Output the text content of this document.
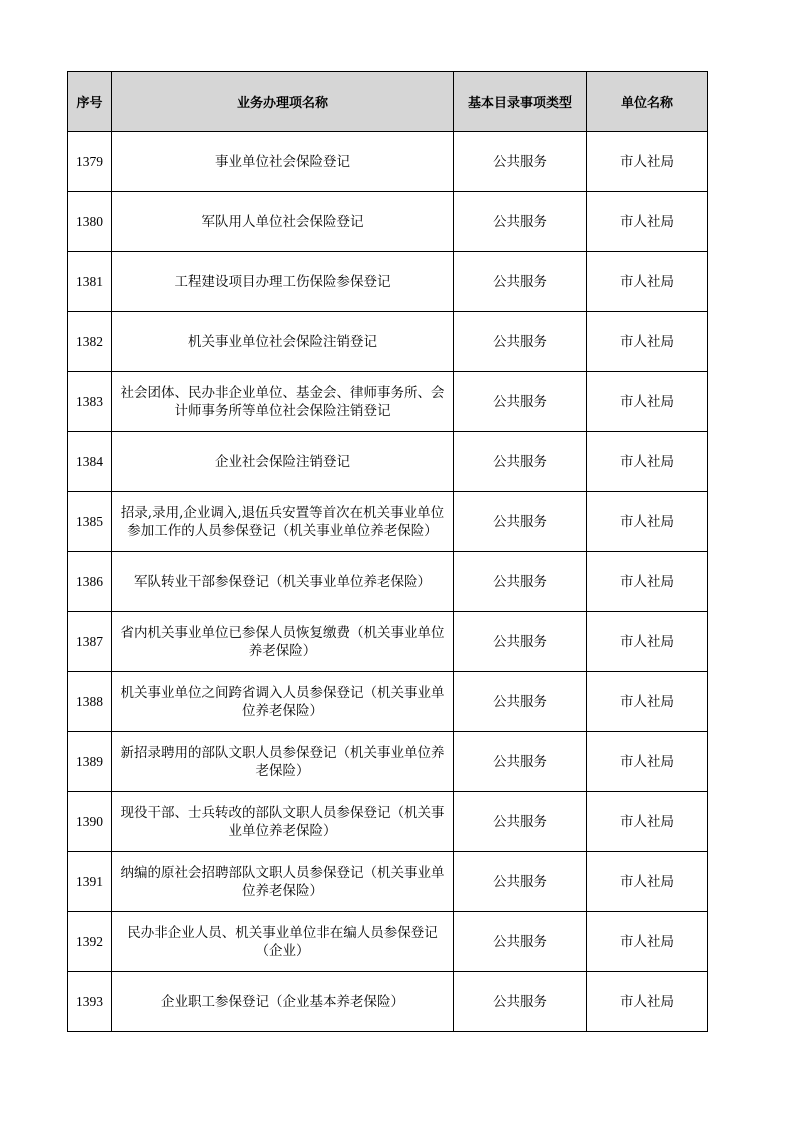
序号	业务办理项名称	基本目录事项类型	单位名称
1379	事业单位社会保险登记	公共服务	市人社局
1380	军队用人单位社会保险登记	公共服务	市人社局
1381	工程建设项目办理工伤保险参保登记	公共服务	市人社局
1382	机关事业单位社会保险注销登记	公共服务	市人社局
1383	社会团体、民办非企业单位、基金会、律师事务所、会计师事务所等单位社会保险注销登记	公共服务	市人社局
1384	企业社会保险注销登记	公共服务	市人社局
1385	招录,录用,企业调入,退伍兵安置等首次在机关事业单位参加工作的人员参保登记（机关事业单位养老保险）	公共服务	市人社局
1386	军队转业干部参保登记（机关事业单位养老保险）	公共服务	市人社局
1387	省内机关事业单位已参保人员恢复缴费（机关事业单位养老保险）	公共服务	市人社局
1388	机关事业单位之间跨省调入人员参保登记（机关事业单位养老保险）	公共服务	市人社局
1389	新招录聘用的部队文职人员参保登记（机关事业单位养老保险）	公共服务	市人社局
1390	现役干部、士兵转改的部队文职人员参保登记（机关事业单位养老保险）	公共服务	市人社局
1391	纳编的原社会招聘部队文职人员参保登记（机关事业单位养老保险）	公共服务	市人社局
1392	民办非企业人员、机关事业单位非在编人员参保登记（企业）	公共服务	市人社局
1393	企业职工参保登记（企业基本养老保险）	公共服务	市人社局
